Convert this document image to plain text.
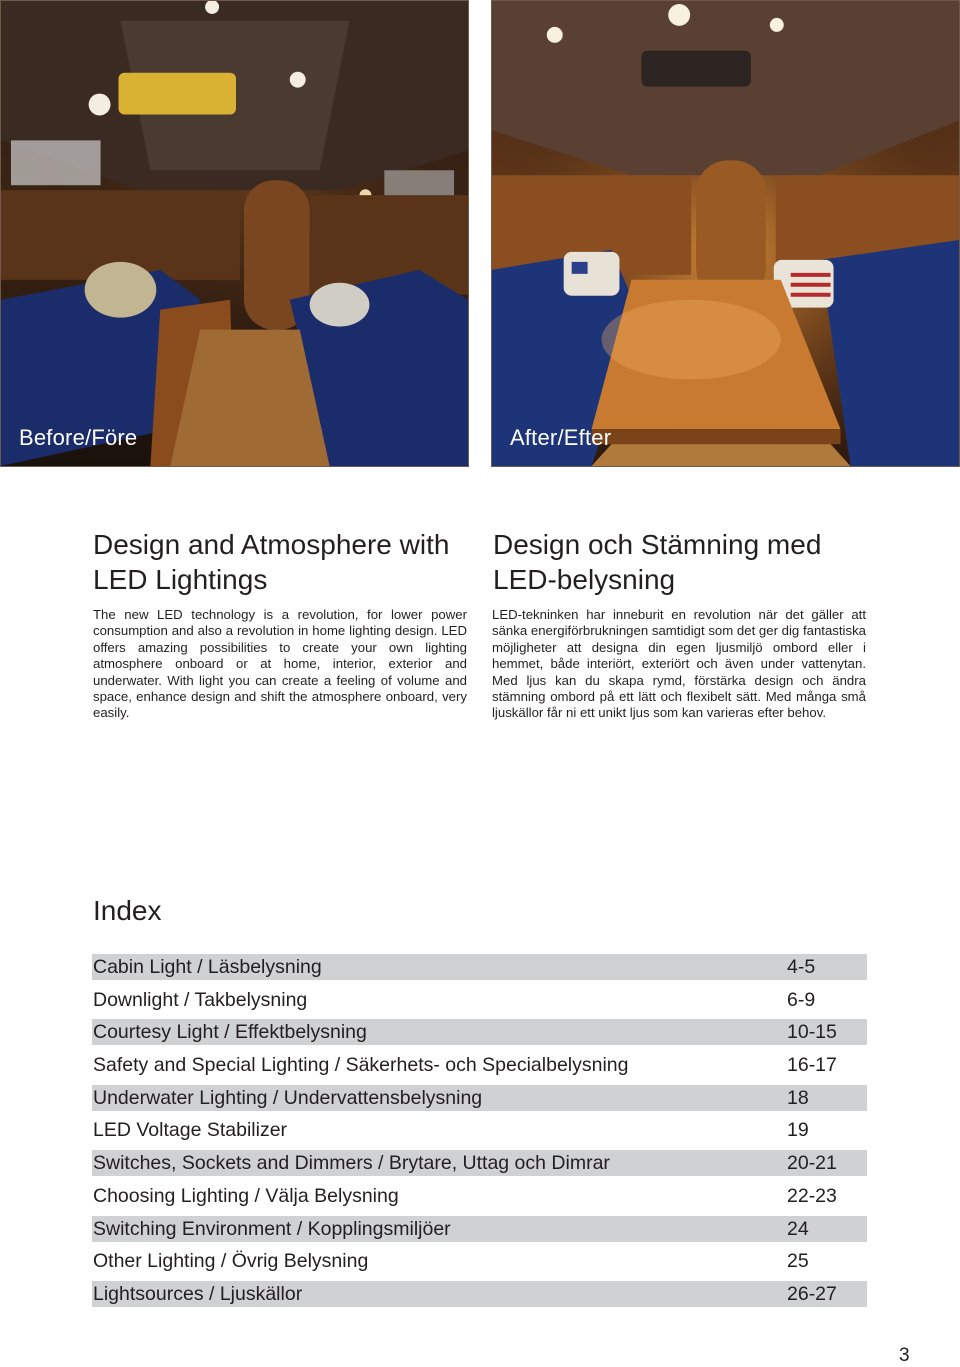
Before/Före	After/Efter
Design and Atmosphere with LED Lightings

The new LED technology is a revolution, for lower power consumption and also a revolution in home lighting design. LED offers amazing possibilities to create your own lighting atmosphere onboard or at home, interior, exterior and underwater. With light you can create a feeling of volume and space, enhance design and shift the atmosphere onboard, very easily.

Design och Stämning med LED-belysning

LED-tekninken har inneburit en revolution när det gäller att sänka energiförbrukningen samtidigt som det ger dig fantastiska möjligheter att designa din egen ljusmiljö ombord eller i hemmet, både interiört, exteriört och även under vattenytan. Med ljus kan du skapa rymd, förstärka design och ändra stämning ombord på ett lätt och flexibelt sätt. Med många små ljuskällor får ni ett unikt ljus som kan varieras efter behov.

Index
Cabin Light / Läsbelysning	4-5
Downlight / Takbelysning	6-9
Courtesy Light / Effektbelysning	10-15
Safety and Special Lighting / Säkerhets- och Specialbelysning	16-17
Underwater Lighting / Undervattensbelysning	18
LED Voltage Stabilizer	19
Switches, Sockets and Dimmers / Brytare, Uttag och Dimrar	20-21
Choosing Lighting / Välja Belysning	22-23
Switching Environment / Kopplingsmiljöer	24
Other Lighting / Övrig Belysning	25
Lightsources / Ljuskällor	26-27
3
